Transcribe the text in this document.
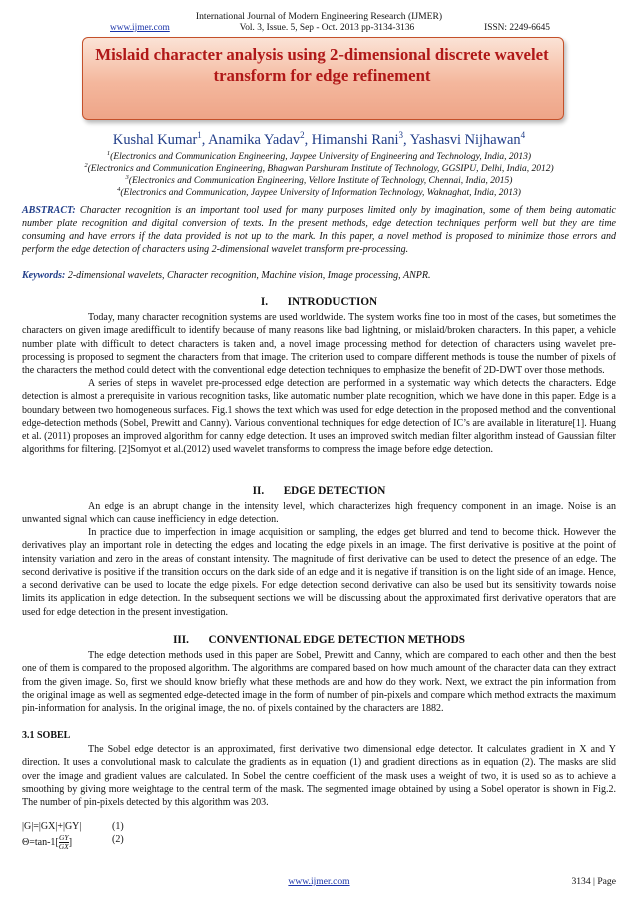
International Journal of Modern Engineering Research (IJMER)
www.ijmer.com	Vol. 3, Issue. 5, Sep - Oct. 2013 pp-3134-3136	ISSN: 2249-6645
Mislaid character analysis using 2-dimensional discrete wavelet transform for edge refinement
Kushal Kumar$^1$, Anamika Yadav$^2$, Himanshi Rani$^3$, Yashasvi Nijhawan$^4$
$^1$(Electronics and Communication Engineering, Jaypee University of Engineering and Technology, India, 2013)
$^2$(Electronics and Communication Engineering, Bhagwan Parshuram Institute of Technology, GGSIPU, Delhi, India, 2012)
$^3$(Electronics and Communication Engineering, Vellore Institute of Technology, Chennai, India, 2015)
$^4$(Electronics and Communication, Jaypee University of Information Technology, Waknaghat, India, 2013)
ABSTRACT: Character recognition is an important tool used for many purposes limited only by imagination, some of them being automatic number plate recognition and digital conversion of texts. In the present methods, edge detection techniques perform well but they are time consuming and have errors if the data provided is not up to the mark. In this paper, a novel method is proposed to minimize those errors and perform the edge detection of characters using 2-dimensional wavelet transform pre-processing.
Keywords: 2-dimensional wavelets, Character recognition, Machine vision, Image processing, ANPR.
I.       INTRODUCTION
Today, many character recognition systems are used worldwide. The system works fine too in most of the cases, but sometimes the characters on given image aredifficult to identify because of many reasons like bad lightning, or mislaid/broken characters. In this paper, a vehicle number plate with difficult to detect characters is taken and, a novel image processing method for detection of characters using wavelet pre-processing is proposed to segment the characters from that image. The criterion used to compare different methods is touse the number of pixels of the characters the method could detect with the conventional edge detection techniques to emphasize the benefit of 2D-DWT over those methods.
A series of steps in wavelet pre-processed edge detection are performed in a systematic way which detects the characters. Edge detection is almost a prerequisite in various recognition tasks, like automatic number plate recognition, which we have done in this paper. Edge is a boundary between two homogeneous surfaces. Fig.1 shows the text which was used for edge detection in the proposed method and the conventional edge-detection methods (Sobel, Prewitt and Canny). Various conventional techniques for edge detection of IC’s are available in literature[1]. Huang et al. (2011) proposes an improved algorithm for canny edge detection. It uses an improved switch median filter algorithm instead of Gaussian filter algorithms for filtering. [2]Somyot et al.(2012) used wavelet transforms to compress the image before edge detection.
II.       EDGE DETECTION
An edge is an abrupt change in the intensity level, which characterizes high frequency component in an image. Noise is an unwanted signal which can cause inefficiency in edge detection.
In practice due to imperfection in image acquisition or sampling, the edges get blurred and tend to become thick. However the derivatives play an important role in detecting the edges and locating the edge pixels in an image. The first derivative is positive at the point of intensity variation and zero in the areas of constant intensity. The magnitude of first derivative can be used to detect the presence of an edge. The second derivative is positive if the transition occurs on the dark side of an edge and it is negative if transition is on the light side of an image. Hence, a second derivative can be used to locate the edge pixels. For edge detection second derivative can also be used but its sensitivity towards noise limits its application in edge detection. In the subsequent sections we will be discussing about the approximated first derivative operators that are used for edge detection in the present investigation.
III.       CONVENTIONAL EDGE DETECTION METHODS
The edge detection methods used in this paper are Sobel, Prewitt and Canny, which are compared to each other and then the best one of them is compared to the proposed algorithm. The algorithms are compared based on how much amount of the character data can they extract from the given image. So, first we should know briefly what these methods are and how do they work. Next, we extract the pin information from the original image as well as segmented edge-detected image in the form of number of pin-pixels and compare which method extracts the maximum pin-information for analysis. In the original image, the no. of pixels contained by the characters are 1882.
3.1 SOBEL
The Sobel edge detector is an approximated, first derivative two dimensional edge detector. It calculates gradient in X and Y direction. It uses a convolutional mask to calculate the gradients as in equation (1) and gradient directions as in equation (2). The masks are slid over the image and gradient values are calculated. In Sobel the centre coefficient of the mask uses a weight of two, it is used so as to achieve a smoothing by giving more weightage to the central term of the mask. The segmented image obtained by using a Sobel operator is shown in Fig.2. The number of pin-pixels detected by this algorithm was 203.
|G|=|GX|+|GY|	(1)
$\Theta=\tan-1[ \frac{GY}{GX}]$	(2)
www.ijmer.com	3134 | Page
